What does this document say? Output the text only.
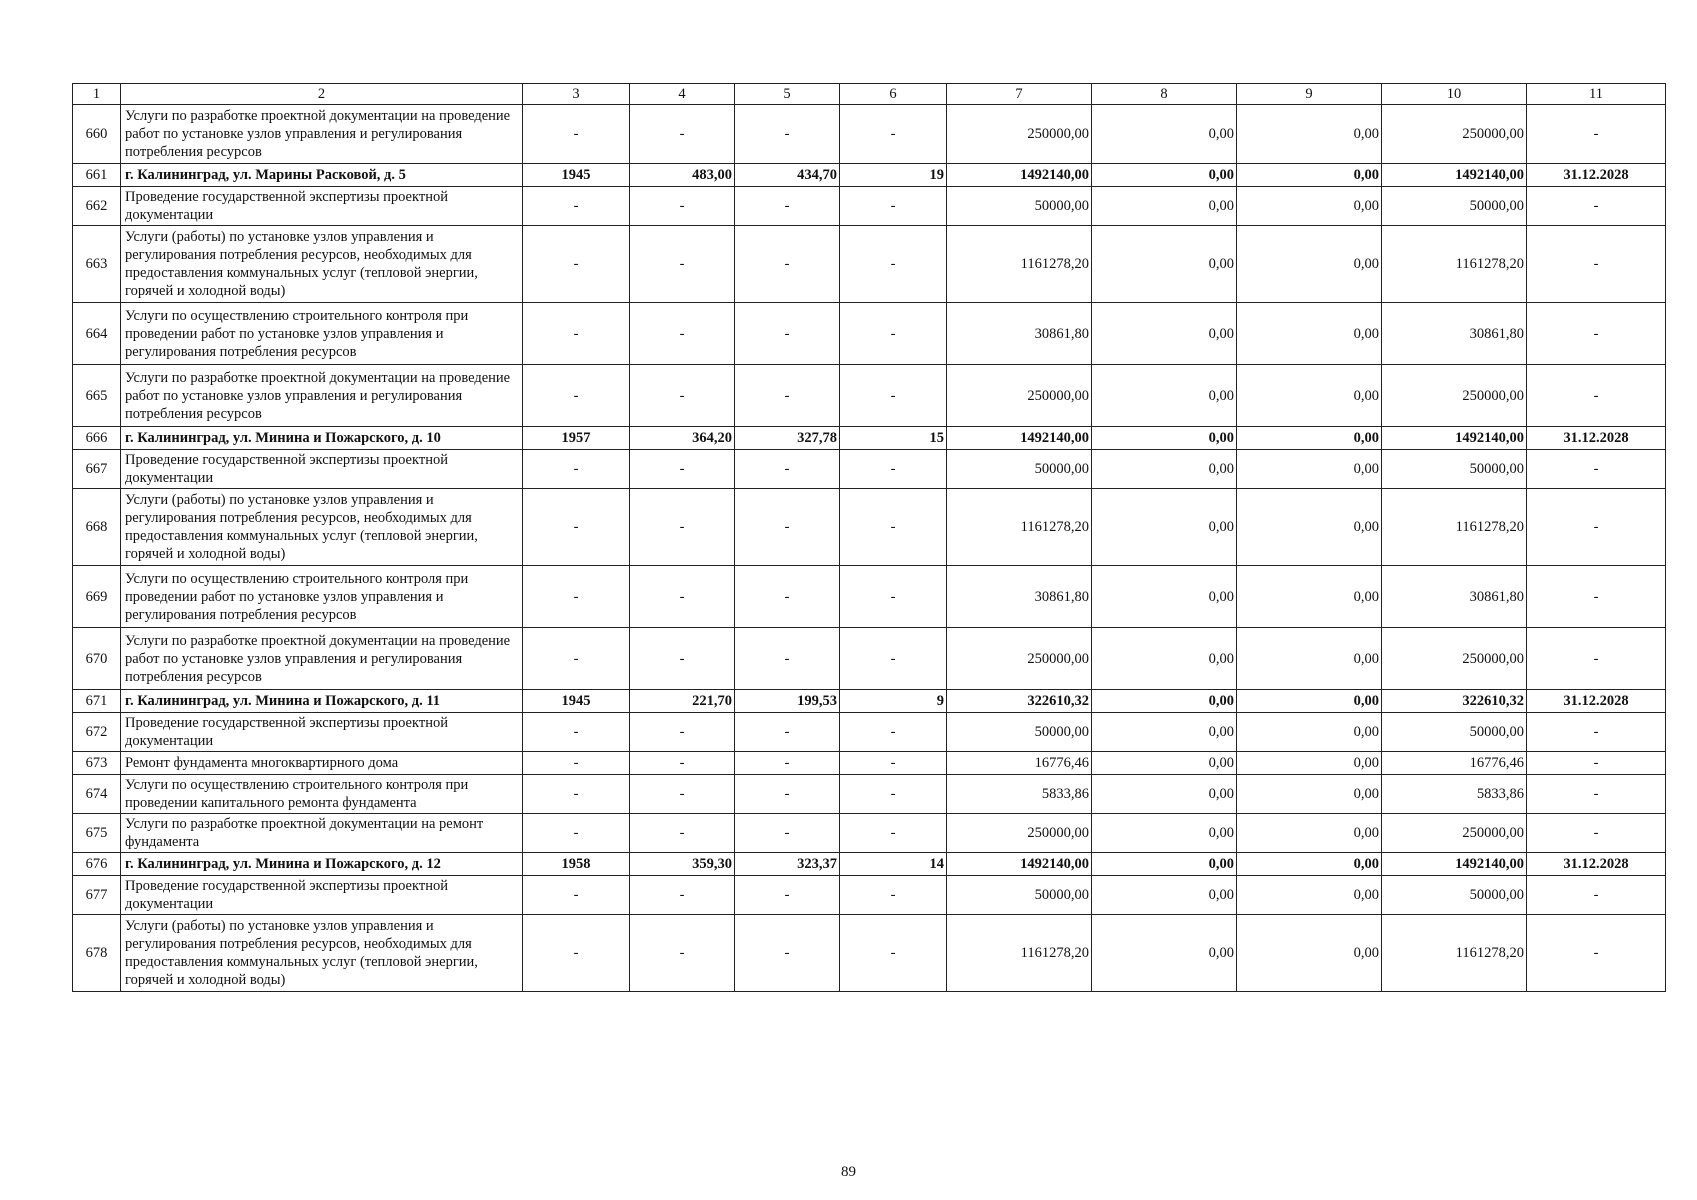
1	2	3	4	5	6	7	8	9	10	11
660	Услуги по разработке проектной документации на проведение работ по установке узлов управления и регулирования потребления ресурсов	-	-	-	-	250000,00	0,00	0,00	250000,00	-
661	г. Калининград, ул. Марины Расковой, д. 5	1945	483,00	434,70	19	1492140,00	0,00	0,00	1492140,00	31.12.2028
662	Проведение государственной экспертизы проектной документации	-	-	-	-	50000,00	0,00	0,00	50000,00	-
663	Услуги (работы) по установке узлов управления и регулирования потребления ресурсов, необходимых для предоставления коммунальных услуг (тепловой энергии, горячей и холодной воды)	-	-	-	-	1161278,20	0,00	0,00	1161278,20	-
664	Услуги по осуществлению строительного контроля при проведении работ по установке узлов управления и регулирования потребления ресурсов	-	-	-	-	30861,80	0,00	0,00	30861,80	-
665	Услуги по разработке проектной документации на проведение работ по установке узлов управления и регулирования потребления ресурсов	-	-	-	-	250000,00	0,00	0,00	250000,00	-
666	г. Калининград, ул. Минина и Пожарского, д. 10	1957	364,20	327,78	15	1492140,00	0,00	0,00	1492140,00	31.12.2028
667	Проведение государственной экспертизы проектной документации	-	-	-	-	50000,00	0,00	0,00	50000,00	-
668	Услуги (работы) по установке узлов управления и регулирования потребления ресурсов, необходимых для предоставления коммунальных услуг (тепловой энергии, горячей и холодной воды)	-	-	-	-	1161278,20	0,00	0,00	1161278,20	-
669	Услуги по осуществлению строительного контроля при проведении работ по установке узлов управления и регулирования потребления ресурсов	-	-	-	-	30861,80	0,00	0,00	30861,80	-
670	Услуги по разработке проектной документации на проведение работ по установке узлов управления и регулирования потребления ресурсов	-	-	-	-	250000,00	0,00	0,00	250000,00	-
671	г. Калининград, ул. Минина и Пожарского, д. 11	1945	221,70	199,53	9	322610,32	0,00	0,00	322610,32	31.12.2028
672	Проведение государственной экспертизы проектной документации	-	-	-	-	50000,00	0,00	0,00	50000,00	-
673	Ремонт фундамента многоквартирного дома	-	-	-	-	16776,46	0,00	0,00	16776,46	-
674	Услуги по осуществлению строительного контроля при проведении капитального ремонта фундамента	-	-	-	-	5833,86	0,00	0,00	5833,86	-
675	Услуги по разработке проектной документации на ремонт фундамента	-	-	-	-	250000,00	0,00	0,00	250000,00	-
676	г. Калининград, ул. Минина и Пожарского, д. 12	1958	359,30	323,37	14	1492140,00	0,00	0,00	1492140,00	31.12.2028
677	Проведение государственной экспертизы проектной документации	-	-	-	-	50000,00	0,00	0,00	50000,00	-
678	Услуги (работы) по установке узлов управления и регулирования потребления ресурсов, необходимых для предоставления коммунальных услуг (тепловой энергии, горячей и холодной воды)	-	-	-	-	1161278,20	0,00	0,00	1161278,20	-
89
